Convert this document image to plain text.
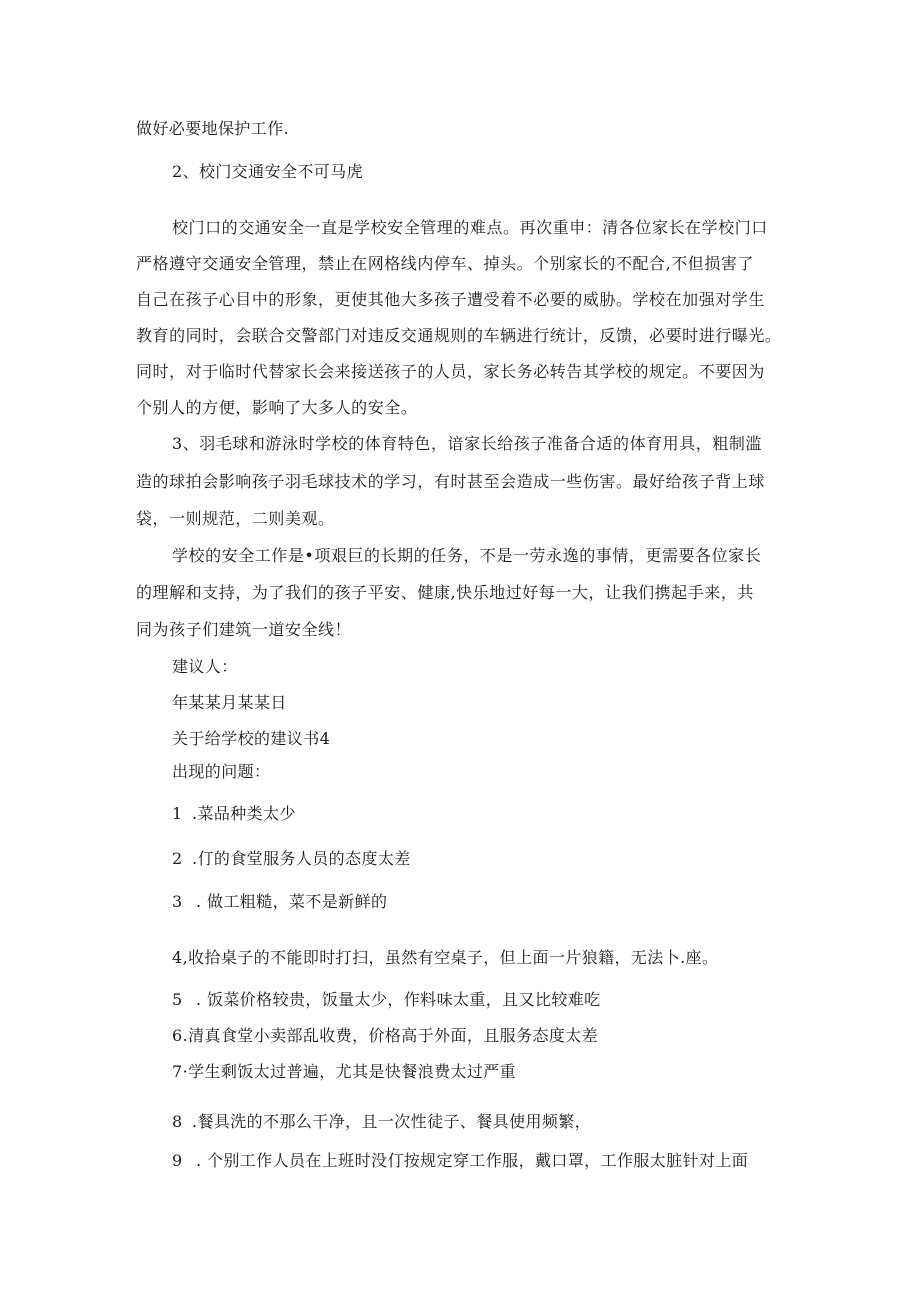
做好必要地保护工作.
2、校门交通安全不可马虎
校门口的交通安全一直是学校安全管理的难点。再次重申：清各位家长在学校门口
严格遵守交通安全管理，禁止在网格线内停车、掉头。个别家长的不配合,不但损害了
自己在孩子心目中的形象，更使其他大多孩子遭受着不必要的威胁。学校在加强对学生
教育的同时，会联合交警部门对违反交通规则的车辆进行统计，反馈，必要时进行曝光。
同时，对于临时代替家长会来接送孩子的人员，家长务必转告其学校的规定。不要因为
个别人的方便，影响了大多人的安全。
3、羽毛球和游泳时学校的体育特色，谙家长给孩子准备合适的体育用具，粗制滥
造的球拍会影响孩子羽毛球技术的学习，有时甚至会造成一些伤害。最好给孩子背上球
袋，一则规范，二则美观。
学校的安全工作是•项艰巨的长期的任务，不是一劳永逸的事情，更需要各位家长
的理解和支持，为了我们的孩子平安、健康,快乐地过好每一大，让我们携起手来，共
同为孩子们建筑一道安全线！
建议人：
年某某月某某日
关于给学校的建议书4
出现的问题：
1 .菜品种类太少
2 .仃的食堂服务人员的态度太差
3 . 做工粗糙，菜不是新鲜的
4,收拾桌子的不能即时打扫，虽然有空桌子，但上面一片狼籍，无法卜.座。
5 . 饭菜价格较贵，饭量太少，作料味太重，且又比较难吃
6.清真食堂小卖部乱收费，价格高于外面，且服务态度太差
7·学生剩饭太过普遍，尤其是快餐浪费太过严重
8 .餐具洗的不那么干净，且一次性徒子、餐具使用频繁，
9 . 个别工作人员在上班时没仃按规定穿工作服，戴口罩，工作服太脏针对上面
